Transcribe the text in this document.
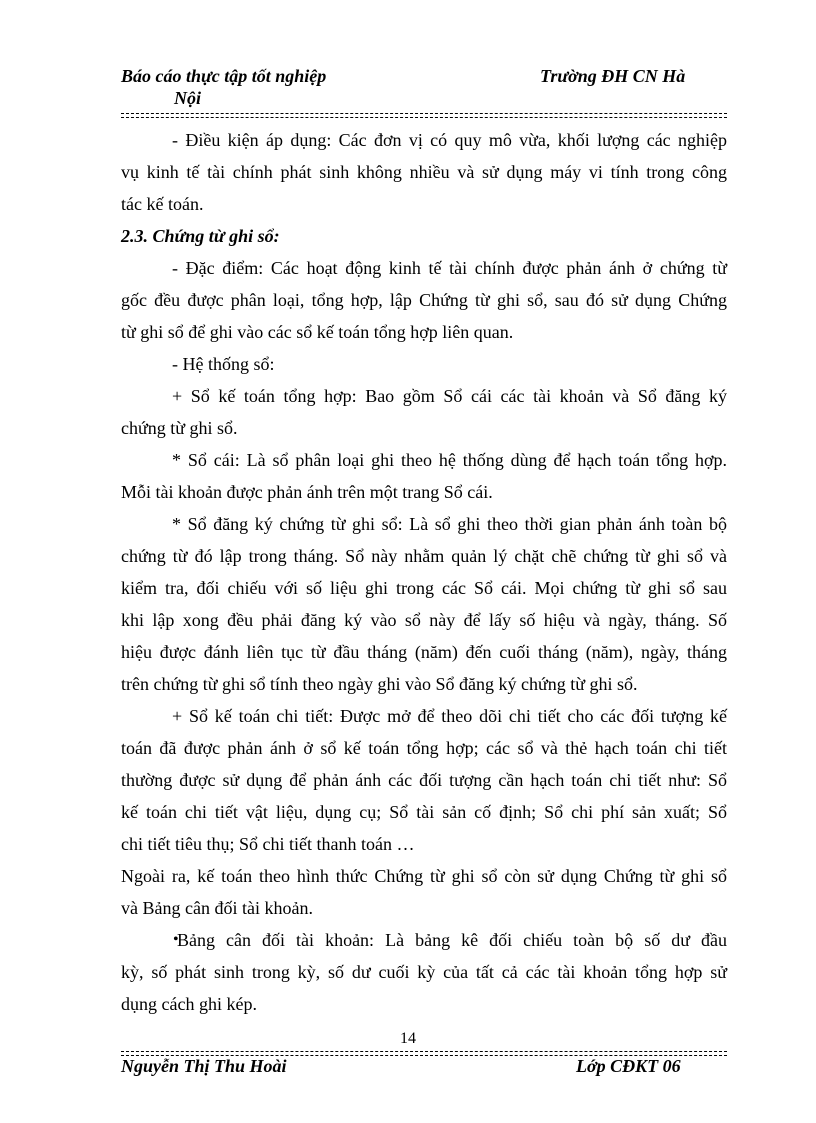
Báo cáo thực tập tốt nghiệp
Nội
Trường ĐH CN Hà
- Điều kiện áp dụng: Các đơn vị có quy mô vừa, khối lượng các nghiệp
vụ kinh tế tài chính phát sinh không nhiều và sử dụng máy vi tính trong công
tác kế toán.
2.3. Chứng từ ghi sổ:
- Đặc điểm: Các hoạt động kinh tế tài chính được phản ánh ở chứng từ
gốc đều được phân loại, tổng hợp, lập Chứng từ ghi sổ, sau đó sử dụng Chứng
từ ghi sổ để ghi vào các sổ kế toán tổng hợp liên quan.
- Hệ thống sổ:
+ Sổ kế toán tổng hợp: Bao gồm Sổ cái các tài khoản và Sổ đăng ký
chứng từ ghi sổ.
* Sổ cái: Là sổ phân loại ghi theo hệ thống dùng để hạch toán tổng hợp.
Mỗi tài khoản được phản ánh trên một trang Sổ cái.
* Sổ đăng ký chứng từ ghi sổ: Là sổ ghi theo thời gian phản ánh toàn bộ
chứng từ đó lập trong tháng. Sổ này nhằm quản lý chặt chẽ chứng từ ghi sổ và
kiểm tra, đối chiếu với số liệu ghi trong các Sổ cái. Mọi chứng từ ghi sổ sau
khi lập xong đều phải đăng ký vào sổ này để lấy số hiệu và ngày, tháng. Số
hiệu được đánh liên tục từ đầu tháng (năm) đến cuối tháng (năm), ngày, tháng
trên chứng từ ghi sổ tính theo ngày ghi vào Sổ đăng ký chứng từ ghi sổ.
+ Sổ kế toán chi tiết: Được mở để theo dõi chi tiết cho các đối tượng kế
toán đã được phản ánh ở sổ kế toán tổng hợp; các sổ và thẻ hạch toán chi tiết
thường được sử dụng để phản ánh các đối tượng cần hạch toán chi tiết như: Sổ
kế toán chi tiết vật liệu, dụng cụ; Sổ tài sản cố định; Sổ chi phí sản xuất; Sổ
chi tiết tiêu thụ; Sổ chi tiết thanh toán …
Ngoài ra, kế toán theo hình thức Chứng từ ghi sổ còn sử dụng Chứng từ ghi sổ
và Bảng cân đối tài khoản.
•
Bảng cân đối tài khoản: Là bảng kê đối chiếu toàn bộ số dư đầu
kỳ, số phát sinh trong kỳ, số dư cuối kỳ của tất cả các tài khoản tổng hợp sử
dụng cách ghi kép.
14
Nguyễn Thị Thu Hoài	Lớp CĐKT 06
